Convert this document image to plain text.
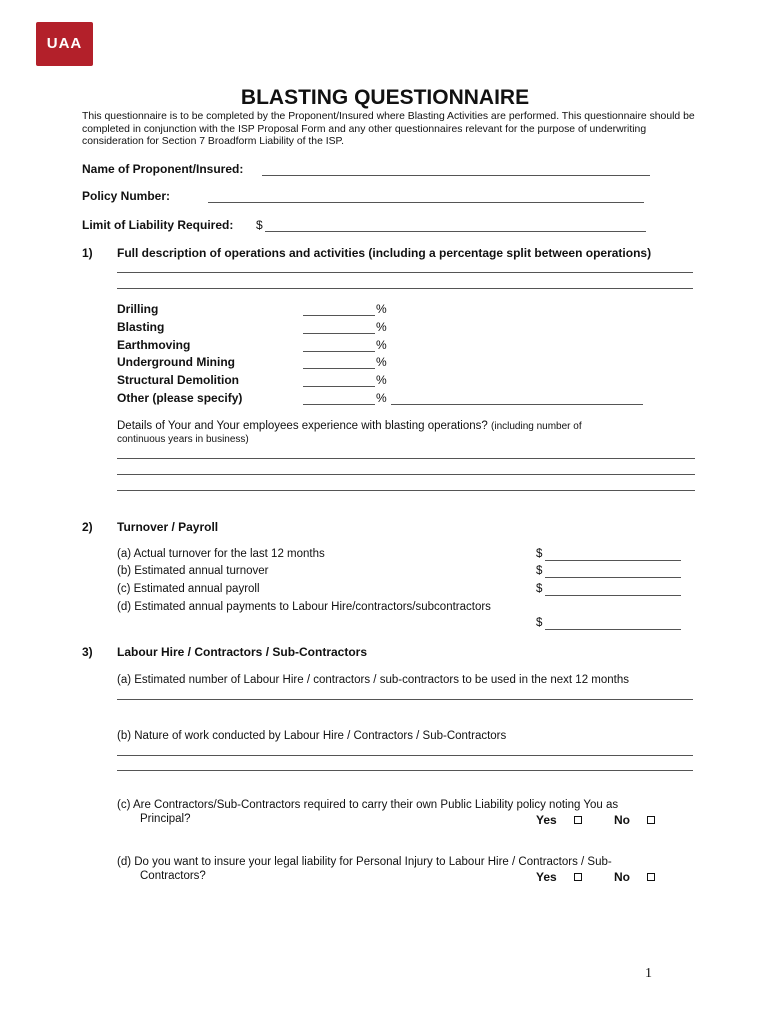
UAA
BLASTING QUESTIONNAIRE
This questionnaire is to be completed by the Proponent/Insured where Blasting Activities are performed. This questionnaire should be completed in conjunction with the ISP Proposal Form and any other questionnaires relevant for the purpose of underwriting consideration for Section 7 Broadform Liability of the ISP.
Name of Proponent/Insured:
Policy Number:
Limit of Liability Required: $
1) Full description of operations and activities (including a percentage split between operations)
Drilling	%
Blasting	%
Earthmoving	%
Underground Mining	%
Structural Demolition	%
Other (please specify)	%
Details of Your and Your employees experience with blasting operations? (including number of
continuous years in business)
2) Turnover / Payroll
(a) Actual turnover for the last 12 months	$
(b) Estimated annual turnover	$
(c) Estimated annual payroll	$
(d) Estimated annual payments to Labour Hire/contractors/subcontractors
$
3) Labour Hire / Contractors / Sub-Contractors
(a) Estimated number of Labour Hire / contractors / sub-contractors to be used in the next 12 months
(b) Nature of work conducted by Labour Hire / Contractors / Sub-Contractors
(c) Are Contractors/Sub-Contractors required to carry their own Public Liability policy noting You as
Principal?	Yes	No
(d) Do you want to insure your legal liability for Personal Injury to Labour Hire / Contractors / Sub-
Contractors?	Yes	No
1
